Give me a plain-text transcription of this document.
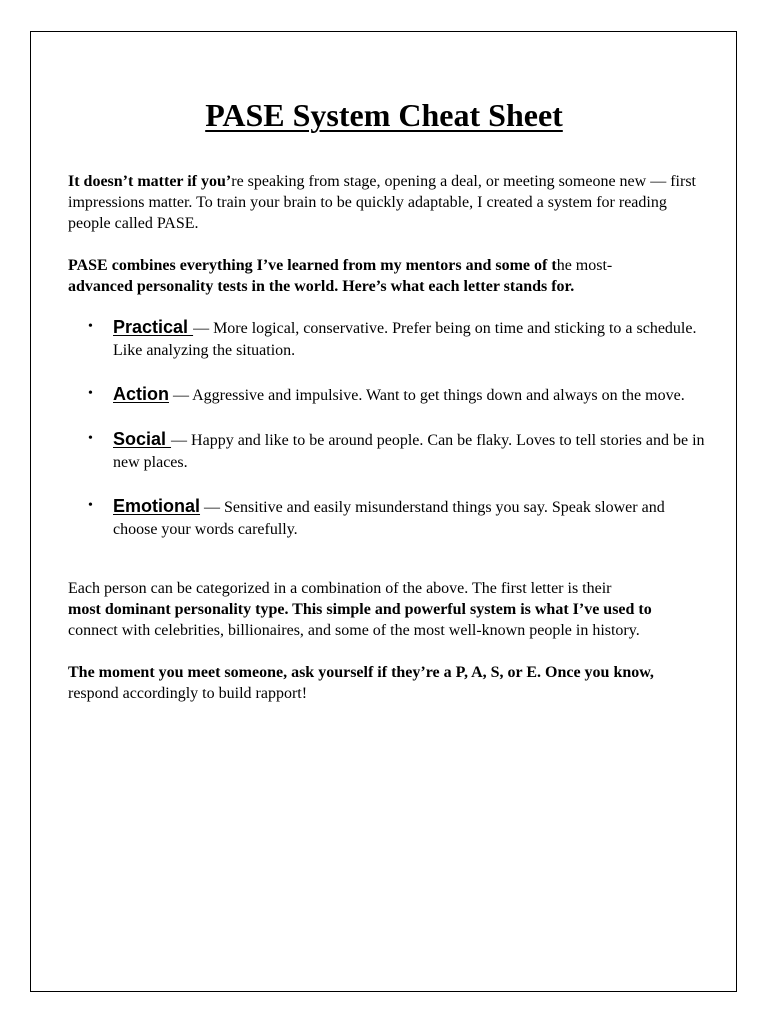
PASE System Cheat Sheet

It doesn’t matter if you’re speaking from stage, opening a deal, or meeting someone new — first impressions matter. To train your brain to be quickly adaptable, I created a system for reading people called PASE.

PASE combines everything I’ve learned from my mentors and some of the most-
advanced personality tests in the world. Here’s what each letter stands for.

• Practical — More logical, conservative. Prefer being on time and sticking to a schedule. Like analyzing the situation.
• Action — Aggressive and impulsive. Want to get things down and always on the move.
• Social — Happy and like to be around people. Can be flaky. Loves to tell stories and be in new places.
• Emotional — Sensitive and easily misunderstand things you say. Speak slower and choose your words carefully.

Each person can be categorized in a combination of the above. The first letter is their
most dominant personality type. This simple and powerful system is what I’ve used to
connect with celebrities, billionaires, and some of the most well-known people in history.

The moment you meet someone, ask yourself if they’re a P, A, S, or E. Once you know,
respond accordingly to build rapport!
